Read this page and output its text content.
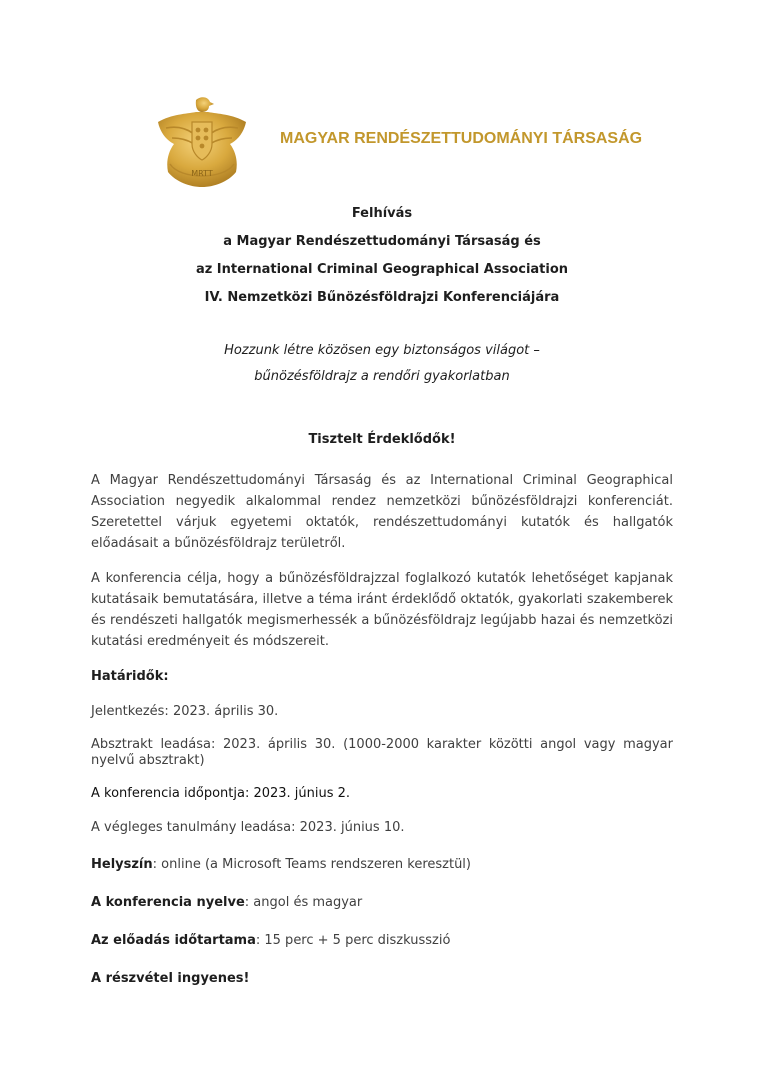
MRTT
MAGYAR RENDÉSZETTUDOMÁNYI TÁRSASÁG
Felhívás
a Magyar Rendészettudományi Társaság és
az International Criminal Geographical Association
IV. Nemzetközi Bűnözésföldrajzi Konferenciájára
Hozzunk létre közösen egy biztonságos világot –
bűnözésföldrajz a rendőri gyakorlatban
Tisztelt Érdeklődők!
A Magyar Rendészettudományi Társaság és az International Criminal Geographical Association negyedik alkalommal rendez nemzetközi bűnözésföldrajzi konferenciát. Szeretettel várjuk egyetemi oktatók, rendészettudományi kutatók és hallgatók előadásait a bűnözésföldrajz területről.
A konferencia célja, hogy a bűnözésföldrajzzal foglalkozó kutatók lehetőséget kapjanak kutatásaik bemutatására, illetve a téma iránt érdeklődő oktatók, gyakorlati szakemberek és rendészeti hallgatók megismerhessék a bűnözésföldrajz legújabb hazai és nemzetközi kutatási eredményeit és módszereit.
Határidők:
Jelentkezés: 2023. április 30.
Absztrakt leadása: 2023. április 30. (1000-2000 karakter közötti angol vagy magyar nyelvű absztrakt)
A konferencia időpontja: 2023. június 2.
A végleges tanulmány leadása: 2023. június 10.
Helyszín: online (a Microsoft Teams rendszeren keresztül)
A konferencia nyelve: angol és magyar
Az előadás időtartama: 15 perc + 5 perc diszkusszió
A részvétel ingyenes!
